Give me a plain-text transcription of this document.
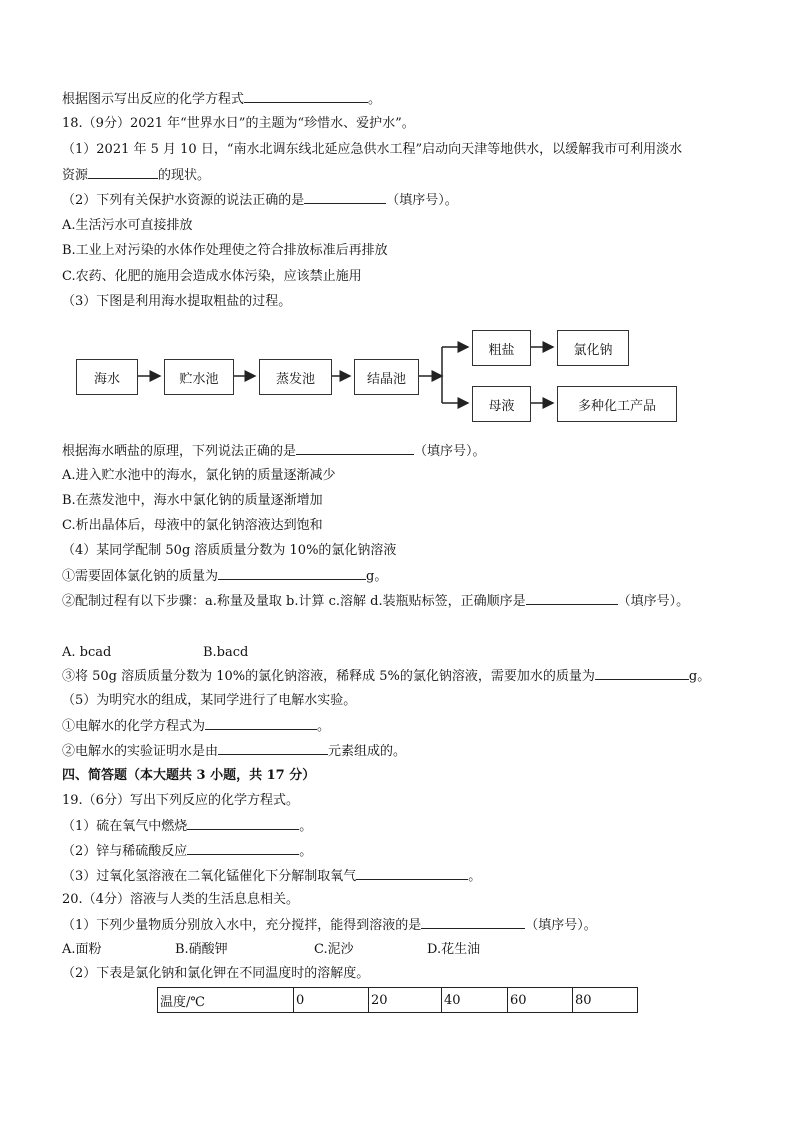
根据图示写出反应的化学方程式	。
18.（9分）2021 年“世界水日”的主题为“珍惜水、爱护水”。
（1）2021 年 5 月 10 日，“南水北调东线北延应急供水工程”启动向天津等地供水，以缓解我市可利用淡水
资源	的现状。
（2）下列有关保护水资源的说法正确的是	（填序号）。
A.生活污水可直接排放
B.工业上对污染的水体作处理使之符合排放标准后再排放
C.农药、化肥的施用会造成水体污染，应该禁止施用
（3）下图是利用海水提取粗盐的过程。
海水	贮水池	蒸发池	结晶池
粗盐	氯化钠
母液	多种化工产品
根据海水晒盐的原理，下列说法正确的是	（填序号）。
A.进入贮水池中的海水，氯化钠的质量逐渐减少
B.在蒸发池中，海水中氯化钠的质量逐渐增加
C.析出晶体后，母液中的氯化钠溶液达到饱和
（4）某同学配制 50g 溶质质量分数为 10%的氯化钠溶液
①需要固体氯化钠的质量为	g。
②配制过程有以下步骤：a.称量及量取 b.计算 c.溶解 d.装瓶贴标签，正确顺序是	（填序号）。
A. bcad	B.bacd
③将 50g 溶质质量分数为 10%的氯化钠溶液，稀释成 5%的氯化钠溶液，需要加水的质量为	g。
（5）为明究水的组成，某同学进行了电解水实验。
①电解水的化学方程式为	。
②电解水的实验证明水是由	元素组成的。
四、简答题（本大题共 3 小题，共 17 分）
19.（6分）写出下列反应的化学方程式。
（1）硫在氧气中燃烧	。
（2）锌与稀硫酸反应	。
（3）过氧化氢溶液在二氧化锰催化下分解制取氧气	。
20.（4分）溶液与人类的生活息息相关。
（1）下列少量物质分别放入水中，充分搅拌，能得到溶液的是	（填序号）。
A.面粉	B.硝酸钾	C.泥沙	D.花生油
（2）下表是氯化钠和氯化钾在不同温度时的溶解度。
温度/℃	0	20	40	60	80
